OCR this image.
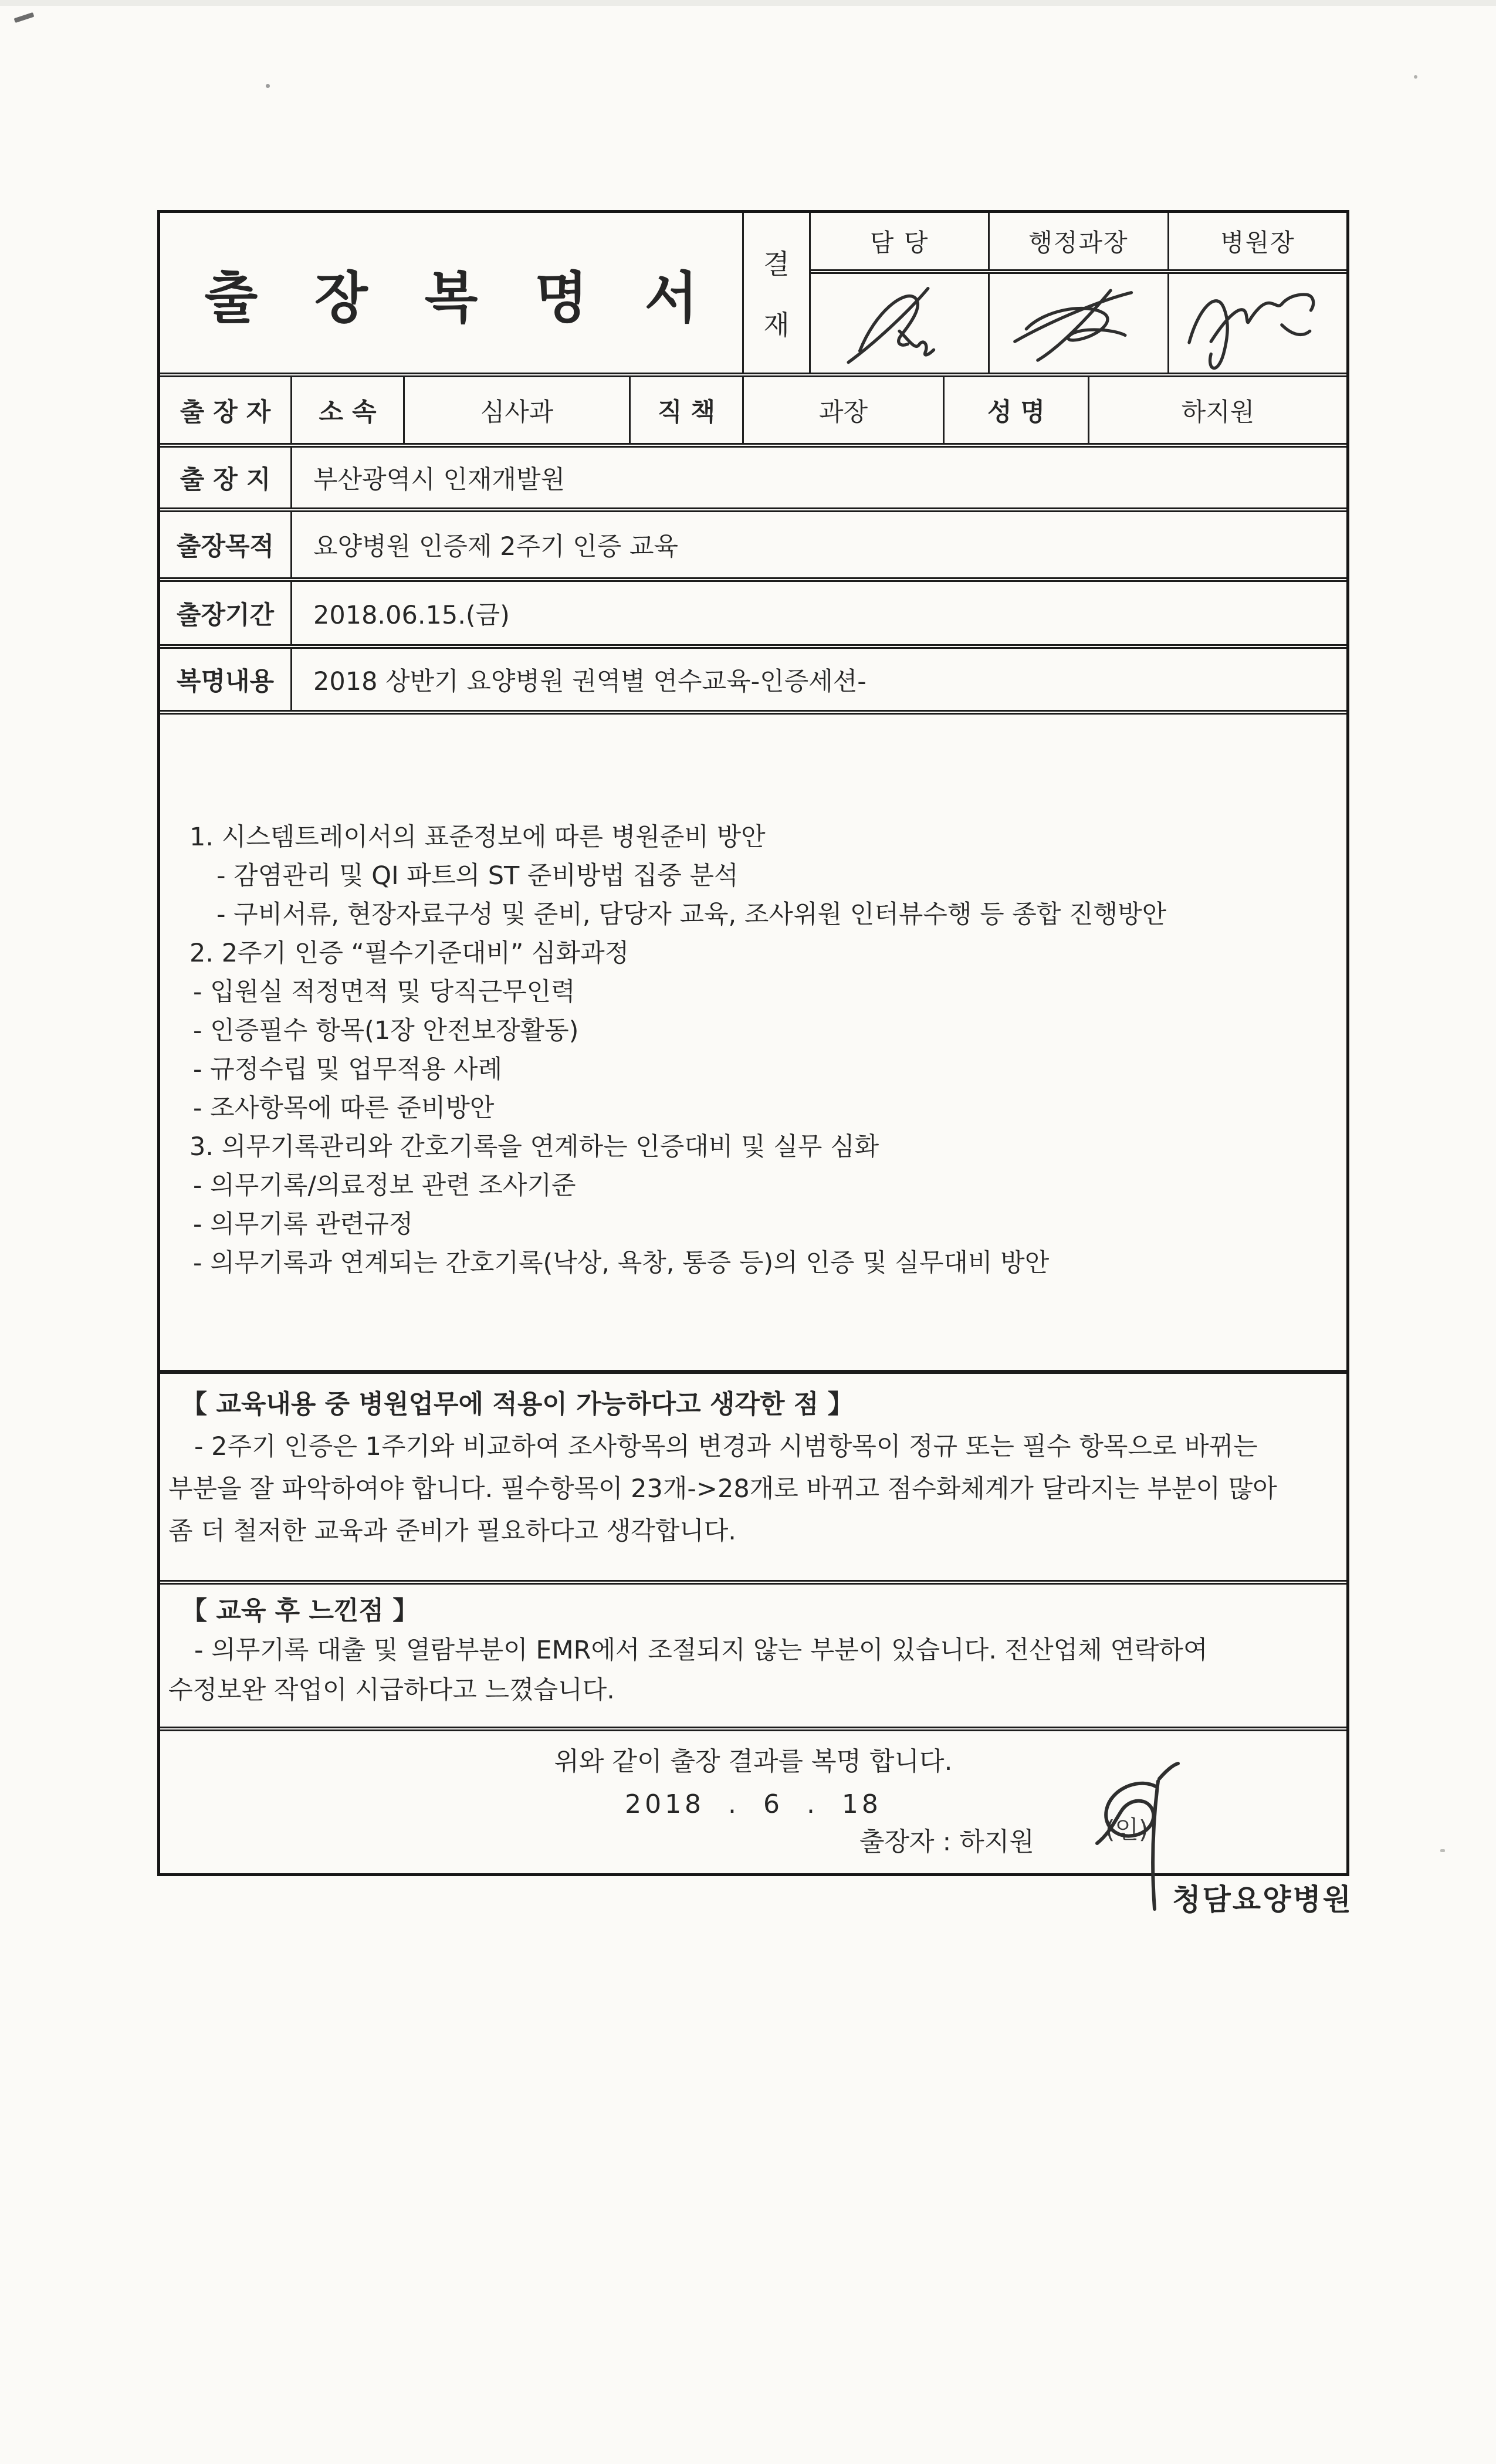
출 장 복 명 서
결
재
담 당	행정과장	병원장
출 장 자	소 속	심사과	직 책	과장	성 명	하지원
출 장 지	부산광역시 인재개발원
출장목적	요양병원 인증제 2주기 인증 교육
출장기간	2018.06.15.(금)
복명내용	2018 상반기 요양병원 권역별 연수교육-인증세션-
1. 시스템트레이서의 표준정보에 따른 병원준비 방안
- 감염관리 및 QI 파트의 ST 준비방법 집중 분석
- 구비서류, 현장자료구성 및 준비, 담당자 교육, 조사위원 인터뷰수행 등 종합 진행방안
2. 2주기 인증 “필수기준대비” 심화과정
- 입원실 적정면적 및 당직근무인력
- 인증필수 항목(1장 안전보장활동)
- 규정수립 및 업무적용 사례
- 조사항목에 따른 준비방안
3. 의무기록관리와 간호기록을 연계하는 인증대비 및 실무 심화
- 의무기록/의료정보 관련 조사기준
- 의무기록 관련규정
- 의무기록과 연계되는 간호기록(낙상, 욕창, 통증 등)의 인증 및 실무대비 방안
【 교육내용 중 병원업무에 적용이 가능하다고 생각한 점 】
- 2주기 인증은 1주기와 비교하여 조사항목의 변경과 시범항목이 정규 또는 필수 항목으로 바뀌는
부분을 잘 파악하여야 합니다. 필수항목이 23개->28개로 바뀌고 점수화체계가 달라지는 부분이 많아
좀 더 철저한 교육과 준비가 필요하다고 생각합니다.
【 교육 후 느낀점 】
- 의무기록 대출 및 열람부분이 EMR에서 조절되지 않는 부분이 있습니다. 전산업체 연락하여
수정보완 작업이 시급하다고 느꼈습니다.
위와 같이 출장 결과를 복명 합니다.
2018  .  6  .  18
출장자 : 하지원	(인)
청담요양병원
